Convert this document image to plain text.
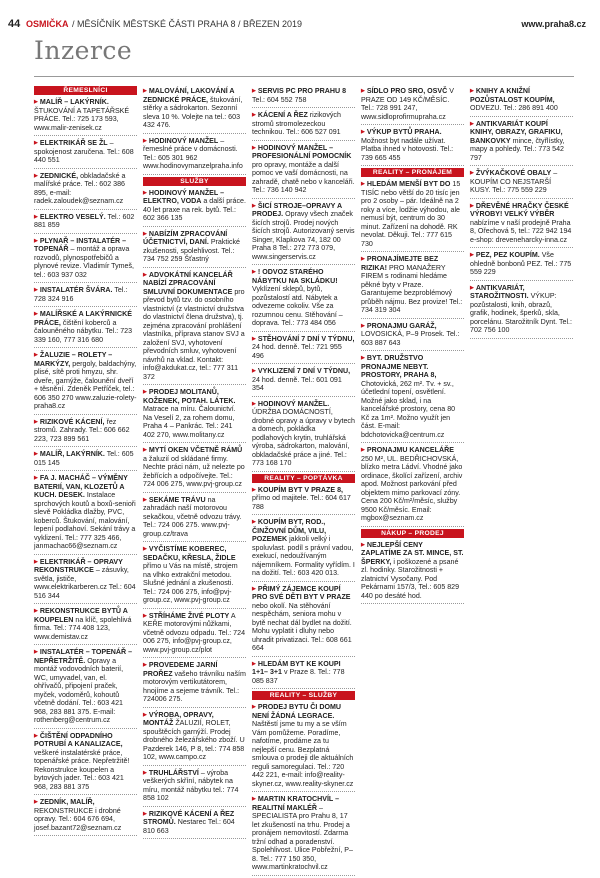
44 OSMIČKA / MĚSÍČNÍK MĚSTSKÉ ČÁSTI PRAHA 8 / BŘEZEN 2019	www.praha8.cz
Inzerce
ŘEMESLNÍCI
▶ MALÍŘ – LAKÝRNÍK. ŠTUKOVÁNÍ A TAPETÁŘSKÉ PRÁCE. Tel.: 725 173 593, www.malir-zenisek.cz
▶ ELEKTRIKÁŘ SE ŽL – spokojenost zaručena. Tel.: 608 440 551
▶ ZEDNICKÉ, obkladačské a malířské práce. Tel.: 602 386 895, e-mail: radek.zaloudek@seznam.cz
▶ ELEKTRO VESELÝ. Tel.: 602 881 859
▶ PLYNAŘ – INSTALATÉR – TOPENÁŘ – montáž a oprava rozvodů, plynospotřebičů a plynové revize. Vladimír Tymeš, tel.: 603 937 032
▶ INSTALATÉR ŠVÁRA. Tel.: 728 324 916
▶ MALÍŘSKÉ A LAKÝRNICKÉ PRÁCE, čištění koberců a čalouněného nábytku. Tel.: 723 339 160, 777 316 680
▶ ŽALUZIE – ROLETY – MARKÝZY, pergoly, baldachýny, plisé, sítě proti hmyzu, shr. dveře, garnýže, čalounění dveří + těsnění. Zdeněk Petříček, tel.: 606 350 270 www.zaluzie-rolety-praha8.cz
▶ RIZIKOVÉ KÁCENÍ, řez stromů. Zahrady. Tel.: 606 662 223, 723 899 561
▶ MALÍŘ, LAKÝRNÍK. Tel.: 605 015 145
▶ FA J. MACHÁČ – VÝMĚNY BATERIÍ, VAN, KLOZETŮ A KUCH. DESEK. Instalace sprchových koutů a boxů-senioři slevě Pokládka dlažby, PVC, koberců. Štukování, malování, lepení podlahoví. Sekání trávy a vyklizení. Tel.: 777 325 466, janmachac66@seznam.cz
▶ ELEKTRIKÁŘ – OPRAVY REKONSTRUKCE – zásuvky, světla, jističe, www.elektrikarberen.cz Tel.: 604 516 344
▶ REKONSTRUKCE BYTŮ A KOUPELEN na klíč, spolehlivá firma. Tel.: 774 408 123, www.demistav.cz
▶ INSTALATÉR – TOPENÁŘ – NEPŘETRŽITĚ. Opravy a montáž vodovodních baterií, WC, umyvadel, van, el. ohřívačů, připojení praček, myček, vodoměrů, kohoutů včetně dodání. Tel.: 603 421 968, 283 881 375. E-mail: rothenberg@centrum.cz
▶ ČIŠTĚNÍ ODPADNÍHO POTRUBÍ A KANALIZACE, veškeré instalatérské práce, topenářské práce. Nepřetržitě! Rekonstrukce koupelen a bytových jader. Tel.: 603 421 968, 283 881 375
▶ ZEDNÍK, MALÍŘ, REKONSTRUKCE i drobné opravy. Tel.: 604 676 694, josef.bazant72@seznam.cz
▶ MALOVÁNÍ, LAKOVÁNÍ A ZEDNICKÉ PRÁCE, štukování, stěrky a sádrokarton. Sezonní sleva 10 %. Volejte na tel.: 603 432 476.
▶ HODINOVÝ MANŽEL – řemeslné práce v domácnosti. Tel.: 605 301 962 www.hodinovymanzelpraha.info
SLUŽBY
▶ HODINOVÝ MANŽEL – ELEKTRO, VODA a další práce. 40 let praxe na rek. bytů. Tel.: 602 366 135
▶ NABÍZÍM ZPRACOVÁNÍ ÚČETNICTVÍ, DANÍ. Praktické zkušenosti, spolehlivost. Tel.: 734 752 259 Šťastný
▶ ADVOKÁTNÍ KANCELÁŘ NABÍZÍ ZPRACOVÁNÍ SMLUVNÍ DOKUMENTACE pro převod bytů tzv. do osobního vlastnictví (z vlastnictví družstva do vlastnictví člena družstva), tj. zejména zpracování prohlášení vlastníka, příprava stanov SVJ a založení SVJ, vyhotovení převodních smluv, vyhotovení návrhů na vklad. Kontakt: info@akdukat.cz, tel.: 777 311 372
▶ PRODEJ MOLITANŮ, KOŽENEK, POTAH. LÁTEK. Matrace na míru. Čalounictví. Na Veselí 2, za rohem domu, Praha 4 – Pankrác. Tel.: 241 402 270, www.molitany.cz
▶ MYTÍ OKEN VČETNĚ RÁMŮ a žaluzií od skládané firmy. Nechte práci nám, už nelezte po žebřících a odpočívejte. Tel.: 724 006 275, www.pvj-group.cz
▶ SEKÁME TRÁVU na zahradách naší motorovou sekačkou, včetně odvozu trávy. Tel.: 724 006 275. www.pvj-group.cz/trava
▶ VYČISTÍME KOBEREC, SEDAČKU, KŘESLA, ŽIDLE přímo u Vás na místě, strojem na vlhko extrakční metodou. Slušné jednání a zkušenosti. Tel.: 724 006 275, info@pvj-group.cz, www.pvj-group.cz
▶ STŘÍHÁME ŽIVÉ PLOTY A KEŘE motorovými nůžkami, včetně odvozu odpadu. Tel.: 724 006 275, info@pvj-group.cz, www.pvj-group.cz/plot
▶ PROVEDEME JARNÍ PROŘEZ vašeho trávníku naším motorovým vertikutátorem, hnojíme a sejeme trávník. Tel.: 724006 275.
▶ VÝROBA, OPRAVY, MONTÁŽ ŽALUZIÍ, ROLET, spouštěcích garnýží. Prodej drobného železářského zboží. U Pazderek 146, P 8, tel.: 774 858 102, www.campo.cz
▶ TRUHLÁŘSTVÍ – výroba veškerých skříní, nábytek na míru, montáž nábytku tel.: 774 858 102
▶ RIZIKOVÉ KÁCENÍ A ŘEZ STROMŮ. Nestarec Tel.: 604 810 663
▶ SERVIS PC PRO PRAHU 8 Tel.: 604 552 758
▶ KÁCENÍ A ŘEZ rizikových stromů stromolezeckou technikou. Tel.: 606 527 091
▶ HODINOVÝ MANŽEL – PROFESIONÁLNÍ POMOCNÍK pro opravy, montáže a další pomoc ve vaší domácnosti, na zahradě, chatě nebo v kanceláři. Tel.: 736 140 942
▶ ŠICÍ STROJE–OPRAVY A PRODEJ. Opravy všech značek šicích strojů. Prodej nových šicích strojů. Autorizovaný servis Singer, Klapkova 74, 182 00 Praha 8 Tel.: 272 773 079, www.singerservis.cz
▶ ! ODVOZ STARÉHO NÁBYTKU NA SKLÁDKU! Vyklízení sklepů, bytů, pozůstalostí atd. Nábytek a odvezeme cokoliv. Vše za rozumnou cenu. Stěhování – doprava. Tel.: 773 484 056
▶ STĚHOVÁNÍ 7 DNÍ V TÝDNU, 24 hod. denně. Tel.: 721 955 496
▶ VYKLIZENÍ 7 DNÍ V TÝDNU, 24 hod. denně. Tel.: 601 091 354
▶ HODINOVÝ MANŽEL. ÚDRŽBA DOMÁCNOSTÍ, drobné opravy a úpravy v bytech a domech, pokládka podlahových krytin, truhlářská výroba, sádrokarton, malování, obkladačské práce a jiné. Tel.: 773 168 170
REALITY – POPTÁVKA
▶ KOUPÍM BYT V PRAZE 8, přímo od majitele. Tel.: 604 617 788
▶ KOUPÍM BYT, ROD., ČINŽOVNÍ DŮM, VILU, POZEMEK jakkoli velký i spoluvlast. podíl s právní vadou, exekucí, nedoužívaným nájemníkem. Formality vyřídím. I na dožití. Tel.: 603 420 013.
▶ PŘIMÝ ZÁJEMCE KOUPÍ PRO SVÉ DĚTI BYT V PRAZE nebo okolí. Na stěhování nespěchám, seniora mohu v bytě nechat dál bydlet na dožití. Mohu vyplatit i dluhy nebo uhradit privatizaci. Tel.: 608 661 664
▶ HLEDÁM BYT KE KOUPI 1+1– 3+1 v Praze 8. Tel.: 778 085 837
REALITY – SLUŽBY
▶ PRODEJ BYTU ČI DOMU NENÍ ŽÁDNÁ LEGRACE. Naštěstí jsme tu my a se vším Vám pomůžeme. Poradíme, nafotíme, prodáme za tu nejlepší cenu. Bezplatná smlouva o prodeji dle aktuálních reguli samoregulaci. Tel.: 720 442 221, e-mail: info@reality-skyner.cz, www.reality-skyner.cz
▶ MARTIN KRATOCHVÍL – REALITNÍ MAKLÉŘ – SPECIALISTA pro Prahu 8, 17 let zkušeností na trhu. Prodej a pronájem nemovitostí. Zdarma tržní odhad a poradenství. Spolehlivost. Ulice Pobřežní, P–8. Tel.: 777 150 350, www.martinkratochvil.cz
▶ SÍDLO PRO SRO, OSVČ V PRAZE OD 149 KČ/MĚSÍC. Tel.: 728 991 247, www.sidloprofirmupraha.cz
▶ VÝKUP BYTŮ PRAHA. Možnost byt nadále užívat. Platba ihned v hotovosti. Tel.: 739 665 455
REALITY – PRONÁJEM
▶ HLEDÁM MENŠÍ BYT DO 15 TISÍC nebo větší do 20 tisíc jen pro 2 osoby – pár. Ideálně na 2 roky a více, lodžie výhodou, ale nemusí být, centrum do 30 minut. Zařízení na dohodě. RK nevolat. Děkuji. Tel.: 777 615 730
▶ PRONAJÍMEJTE BEZ RIZIKA! PRO MANAŽERY FIREM s rodinami hledáme pěkné byty v Praze. Garantujeme bezproblémový průběh nájmu. Bez provize! Tel.: 734 319 304
▶ PRONAJMU GARÁŽ, LOVOSICKÁ, P–9 Prosek. Tel.: 603 887 643
▶ BYT. DRUŽSTVO PRONAJME NEBYT. PROSTORY, PRAHA 8, Chotovická, 262 m². Tv. + sv., účetlední topení, osvětlení. Možné jako sklad, i na kancelářské prostory, cena 80 Kč za 1m². Možno využít jen část. E-mail: bdchotovicka@centrum.cz
▶ PRONAJMU KANCELÁŘE 250 M², UL. BEDŘICHOVSKÁ, blízko metra Ládví. Vhodné jako ordinace, školící zařízení, archiv apod. Možnost parkování před objektem mimo parkovací zóny. Cena 200 Kč/m²/měsíc, služby 9500 Kč/měsíc. Email: mgbox@seznam.cz
NÁKUP – PRODEJ
▶ NEJLEPŠÍ CENY ZAPLATÍME ZA ST. MINCE, ST. ŠPERKY, i poškozené a psané zl. hodinky. Starožitnosti + zlatnictví Vysočany. Pod Pekárnami 157/3, Tel.: 605 829 440 po desáté hod.
▶ KNIHY A KNIŽNÍ POZŮSTALOST KOUPÍM, ODVEZU. Tel.: 286 891 400
▶ ANTIKVARIÁT KOUPÍ KNIHY, OBRAZY, GRAFIKU, BANKOVKY mince, čtyřlístky, mapy a pohledy. Tel.: 773 542 797
▶ ŽVÝKAČKOVÉ OBALY – KOUPÍM CO NEJSTARŠÍ KUSY. Tel.: 775 559 229
▶ DŘEVĚNÉ HRAČKY ČESKÉ VÝROBY! VELKÝ VÝBĚR nabízíme v naší prodejně Praha 8, Ořechová 5, tel.: 722 942 194 e-shop: dreveneharcky-inna.cz
▶ PEZ, PEZ KOUPÍM. Vše ohledně bonbonů PEZ. Tel.: 775 559 229
▶ ANTIKVARIÁT, STAROŽITNOSTI. VÝKUP: pozůstalosti, knih, obrazů, grafik, hodinek, šperků, skla, porcelánu. Starožitník Dynt. Tel.: 702 756 100
